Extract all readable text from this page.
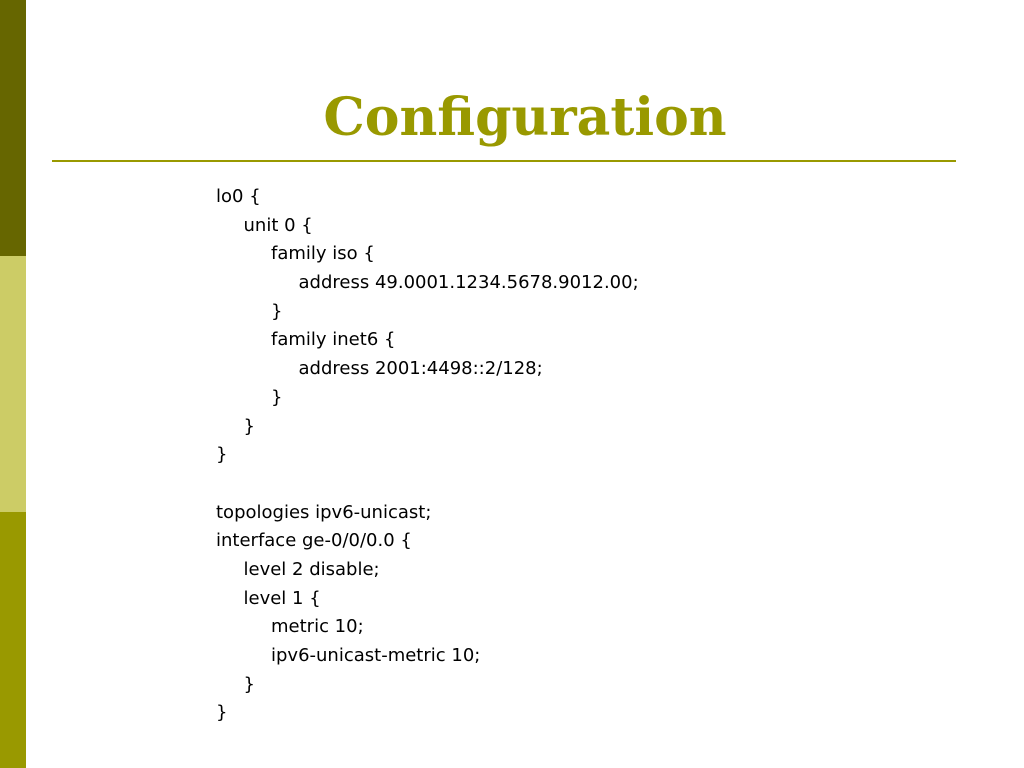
Configuration
lo0 {
unit 0 {
family iso {
address 49.0001.1234.5678.9012.00;
}
family inet6 {
address 2001:4498::2/128;
}
}
}
topologies ipv6-unicast;
interface ge-0/0/0.0 {
level 2 disable;
level 1 {
metric 10;
ipv6-unicast-metric 10;
}
}
